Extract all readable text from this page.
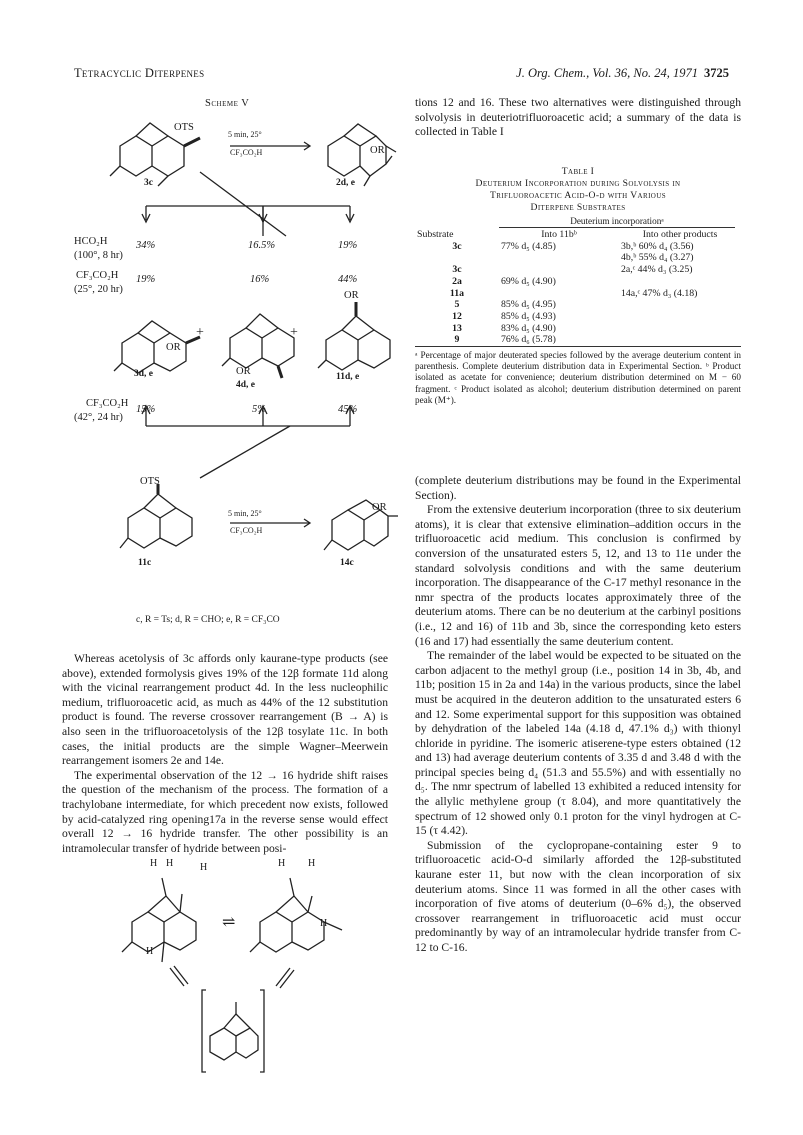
Tetracyclic Diterpenes	J. Org. Chem., Vol. 36, No. 24, 1971 3725
Scheme V
OTS
5 min, 25°
CF₃CO₂H	OR
3c	2d, e
HCO₂H
(100°, 8 hr)
34%	16.5%	19%
CF₃CO₂H
(25°, 20 hr)
19%	16%	44%
OR
+
OR
+
OR
3d, e
4d, e
11d, e
CF₃CO₂H
(42°, 24 hr)
15%	5%	45%
OTS
5 min, 25°
CF₃CO₂H
OR
11c	14c
c, R = Ts; d, R = CHO; e, R = CF₃CO

Whereas acetolysis of 3c affords only kaurane-type products (see above), extended formolysis gives 19% of the 12β formate 11d along with the vicinal rearrangement product 4d. In the less nucleophilic medium, trifluoroacetic acid, as much as 44% of the 12 substitution product is found. The reverse crossover rearrangement (B → A) is also seen in the trifluoroacetolysis of the 12β tosylate 11c. In both cases, the initial products are the simple Wagner–Meerwein rearrangement isomers 2e and 14e.

The experimental observation of the 12 → 16 hydride shift raises the question of the mechanism of the process. The formation of a trachylobane intermediate, for which precedent now exists, followed by acid-catalyzed ring opening17a in the reverse sense would effect overall 12 → 16 hydride transfer. The other possibility is an intramolecular transfer of hydride between posi-

H H	H
H
H H
H
⇌

tions 12 and 16. These two alternatives were distinguished through solvolysis in deuteriotrifluoroacetic acid; a summary of the data is collected in Table I

Table I
Deuterium Incorporation during Solvolysis in
Trifluoroacetic Acid-O-d with Various
Diterpene Substrates
Deuterium incorporationᵃ
Substrate	Into 11bᵇ	Into other products
3c	77% d₅ (4.85)	3b,ᵇ 60% d₄ (3.56)
		4b,ᵇ 55% d₄ (3.27)
3c		2a,ᶜ 44% d₃ (3.25)
2a	69% d₅ (4.90)	
11a		14a,ᶜ 47% d₃ (4.18)
5	85% d₅ (4.95)	
12	85% d₅ (4.93)	
13	83% d₅ (4.90)	
9	76% d₆ (5.78)	
ᵃ Percentage of major deuterated species followed by the average deuterium content in parenthesis. Complete deuterium distribution data in Experimental Section. ᵇ Product isolated as acetate for convenience; deuterium distribution determined on M − 60 fragment. ᶜ Product isolated as alcohol; deuterium distribution determined on parent peak (M⁺).

(complete deuterium distributions may be found in the Experimental Section).

From the extensive deuterium incorporation (three to six deuterium atoms), it is clear that extensive elimination–addition occurs in the trifluoroacetic acid medium. This conclusion is confirmed by conversion of the unsaturated esters 5, 12, and 13 to 11e under the standard solvolysis conditions and with the same deuterium incorporation. The disappearance of the C-17 methyl resonance in the nmr spectra of the products locates approximately three of the deuterium atoms. There can be no deuterium at the carbinyl positions (i.e., 12 and 16) of 11b and 3b, since the corresponding keto esters (16 and 17) had essentially the same deuterium content.

The remainder of the label would be expected to be situated on the carbon adjacent to the methyl group (i.e., position 14 in 3b, 4b, and 11b; position 15 in 2a and 14a) in the various products, since the label must be acquired in the deuteron addition to the unsaturated esters 6 and 12. Some experimental support for this supposition was obtained by dehydration of the labeled 14a (4.18 d, 47.1% d₃) with thionyl chloride in pyridine. The isomeric atiserene-type esters obtained (12 and 13) had average deuterium contents of 3.35 d and 3.48 d with the principal species being d₄ (51.3 and 55.5%) and with essentially no d₅. The nmr spectrum of labelled 13 exhibited a reduced intensity for the allylic methylene group (τ 8.04), and more quantitatively the spectrum of 12 showed only 0.1 proton for the vinyl hydrogen at C-15 (τ 4.42).

Submission of the cyclopropane-containing ester 9 to trifluoroacetic acid-O-d similarly afforded the 12β-substituted kaurane ester 11, but now with the clean incorporation of six deuterium atoms. Since 11 was formed in all the other cases with incorporation of five atoms of deuterium (0–6% d₅), the observed crossover rearrangement in trifluoroacetic acid must occur predominantly by way of an intramolecular hydride transfer from C-12 to C-16.
